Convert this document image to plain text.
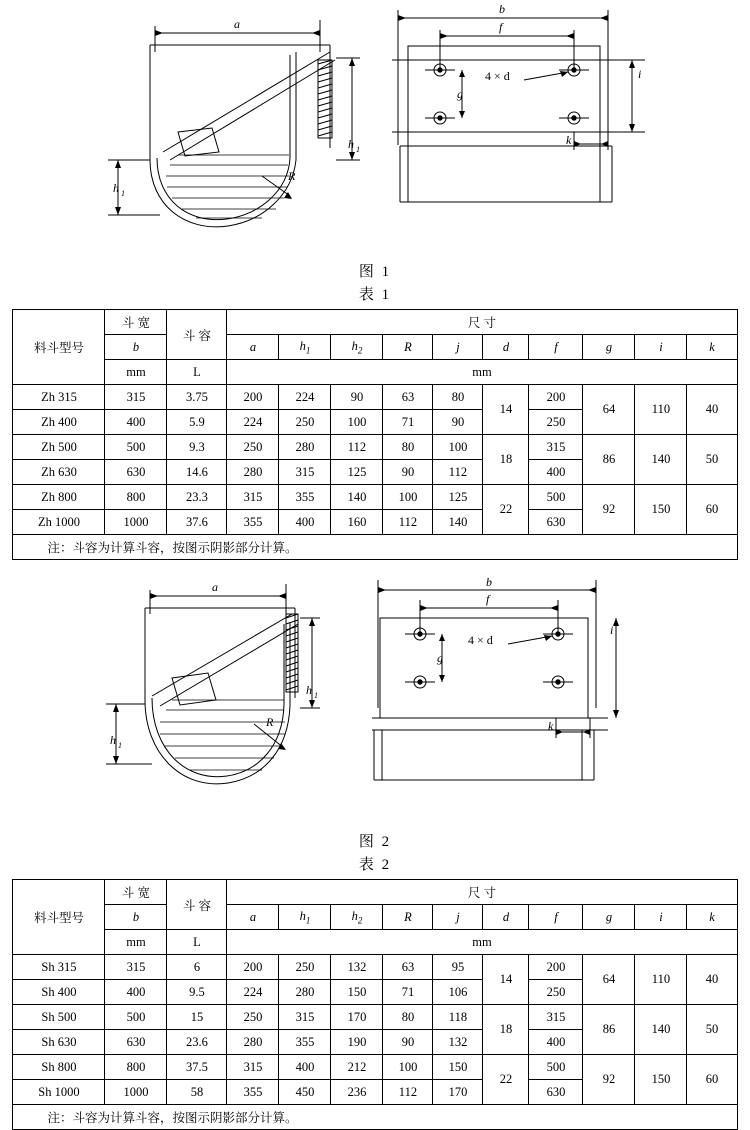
a
h 1
h 1
R
b
f
g
k
i
4 × d
图 1
表 1
料斗型号	斗 宽	斗 容	尺 寸									
	b		a	$h_1$	$h_2$	R	j	d	f	g	i	k
	mm	L	mm									
Zh 315	315	3.75	200	224	90	63	80	14	200	64	110	40
Zh 400	400	5.9	224	250	100	71	90		250			
Zh 500	500	9.3	250	280	112	80	100	18	315	86	140	50
Zh 630	630	14.6	280	315	125	90	112		400			
Zh 800	800	23.3	315	355	140	100	125	22	500	92	150	60
Zh 1000	1000	37.6	355	400	160	112	140		630			
注：斗容为计算斗容，按图示阴影部分计算。												
a
h 1
h 1
R
b
f
g
k
i
4 × d
图 2
表 2
料斗型号	斗 宽	斗 容	尺 寸									
	b		a	$h_1$	$h_2$	R	j	d	f	g	i	k
	mm	L	mm									
Sh 315	315	6	200	250	132	63	95	14	200	64	110	40
Sh 400	400	9.5	224	280	150	71	106		250			
Sh 500	500	15	250	315	170	80	118	18	315	86	140	50
Sh 630	630	23.6	280	355	190	90	132		400			
Sh 800	800	37.5	315	400	212	100	150	22	500	92	150	60
Sh 1000	1000	58	355	450	236	112	170		630			
注：斗容为计算斗容，按图示阴影部分计算。												
